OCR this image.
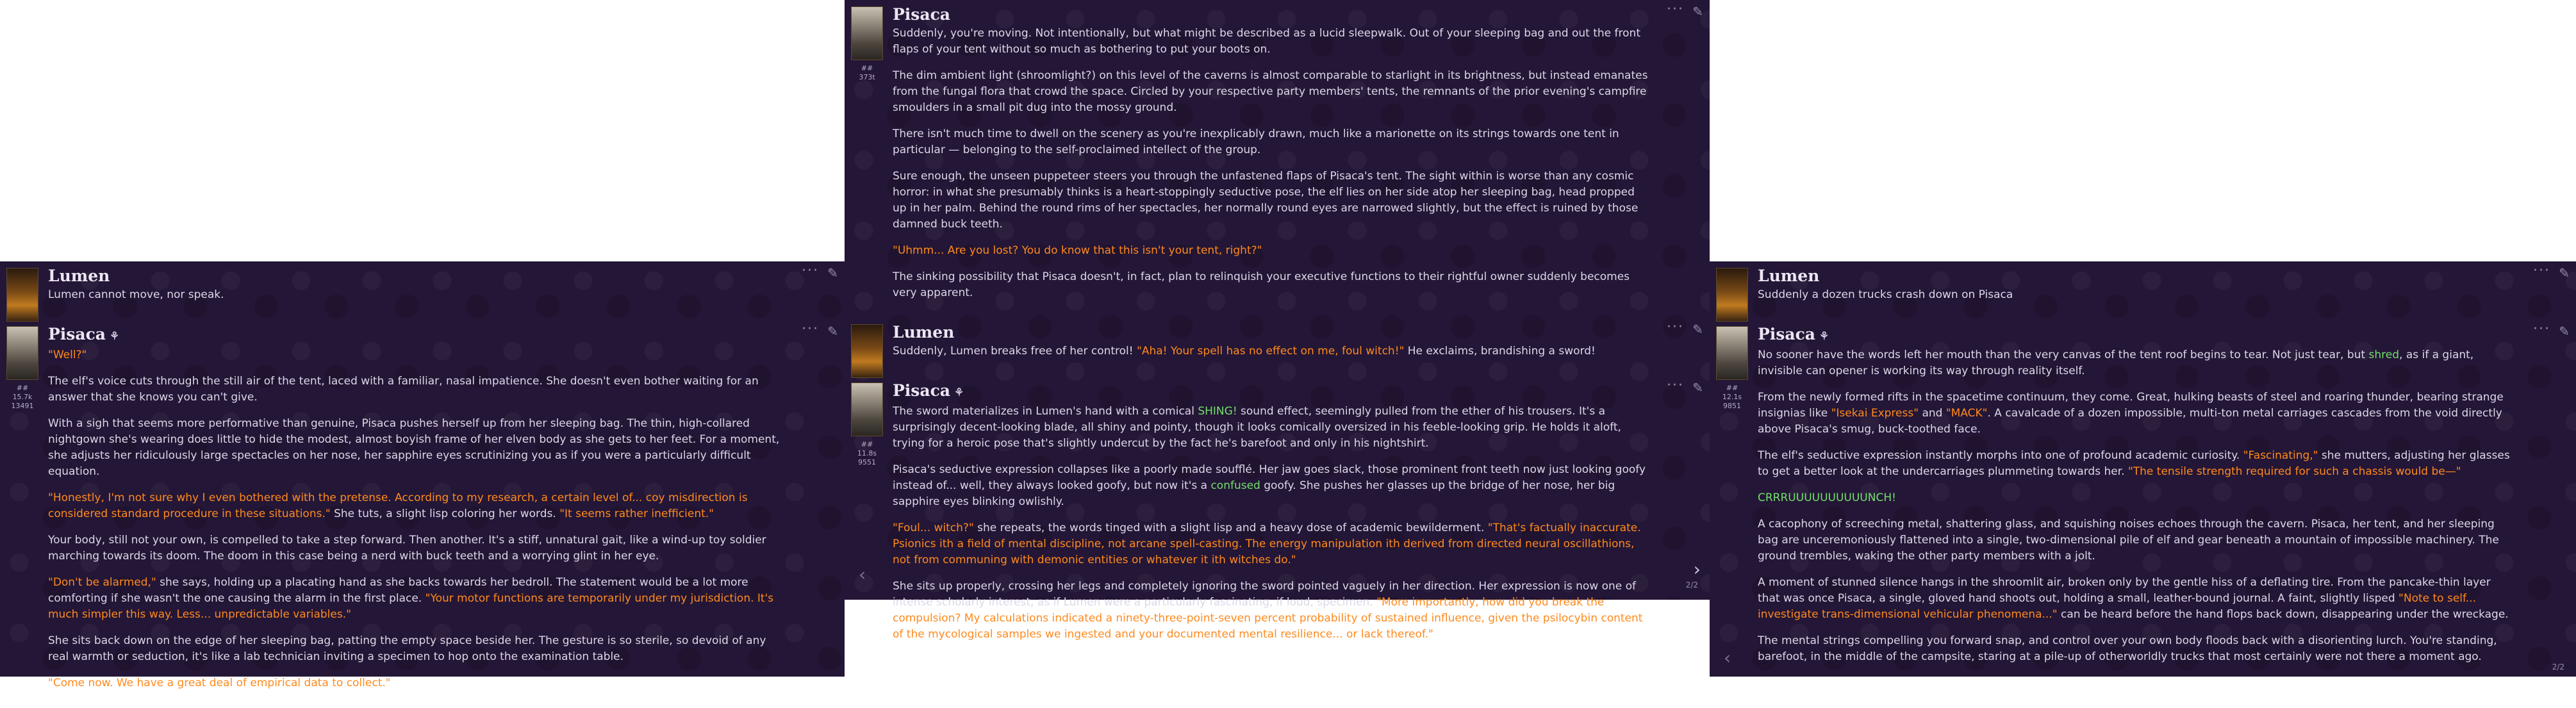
Lumen	··· ✎

Lumen cannot move, nor speak.

##
15.7k
13491
Pisaca ⚘	··· ✎

"Well?"

The elf's voice cuts through the still air of the tent, laced with a familiar, nasal impatience. She doesn't even bother waiting for an answer that she knows you can't give.

With a sigh that seems more performative than genuine, Pisaca pushes herself up from her sleeping bag. The thin, high-collared nightgown she's wearing does little to hide the modest, almost boyish frame of her elven body as she gets to her feet. For a moment, she adjusts her ridiculously large spectacles on her nose, her sapphire eyes scrutinizing you as if you were a particularly difficult equation.

"Honestly, I'm not sure why I even bothered with the pretense. According to my research, a certain level of... coy misdirection is considered standard procedure in these situations." She tuts, a slight lisp coloring her words. "It seems rather inefficient."

Your body, still not your own, is compelled to take a step forward. Then another. It's a stiff, unnatural gait, like a wind-up toy soldier marching towards its doom. The doom in this case being a nerd with buck teeth and a worrying glint in her eye.

"Don't be alarmed," she says, holding up a placating hand as she backs towards her bedroll. The statement would be a lot more comforting if she wasn't the one causing the alarm in the first place. "Your motor functions are temporarily under my jurisdiction. It's much simpler this way. Less... unpredictable variables."

She sits back down on the edge of her sleeping bag, patting the empty space beside her. The gesture is so sterile, so devoid of any real warmth or seduction, it's like a lab technician inviting a specimen to hop onto the examination table.

"Come now. We have a great deal of empirical data to collect."

##
373t
Pisaca	··· ✎

Suddenly, you're moving. Not intentionally, but what might be described as a lucid sleepwalk. Out of your sleeping bag and out the front flaps of your tent without so much as bothering to put your boots on.

The dim ambient light (shroomlight?) on this level of the caverns is almost comparable to starlight in its brightness, but instead emanates from the fungal flora that crowd the space. Circled by your respective party members' tents, the remnants of the prior evening's campfire smoulders in a small pit dug into the mossy ground.

There isn't much time to dwell on the scenery as you're inexplicably drawn, much like a marionette on its strings towards one tent in particular — belonging to the self-proclaimed intellect of the group.

Sure enough, the unseen puppeteer steers you through the unfastened flaps of Pisaca's tent. The sight within is worse than any cosmic horror: in what she presumably thinks is a heart-stoppingly seductive pose, the elf lies on her side atop her sleeping bag, head propped up in her palm. Behind the round rims of her spectacles, her normally round eyes are narrowed slightly, but the effect is ruined by those damned buck teeth.

"Uhmm... Are you lost? You do know that this isn't your tent, right?"

The sinking possibility that Pisaca doesn't, in fact, plan to relinquish your executive functions to their rightful owner suddenly becomes very apparent.

Lumen	··· ✎

Suddenly, Lumen breaks free of her control! "Aha! Your spell has no effect on me, foul witch!" He exclaims, brandishing a sword!

##
11.8s
9551
Pisaca ⚘	··· ✎

The sword materializes in Lumen's hand with a comical SHING! sound effect, seemingly pulled from the ether of his trousers. It's a surprisingly decent-looking blade, all shiny and pointy, though it looks comically oversized in his feeble-looking grip. He holds it aloft, trying for a heroic pose that's slightly undercut by the fact he's barefoot and only in his nightshirt.

Pisaca's seductive expression collapses like a poorly made soufflé. Her jaw goes slack, those prominent front teeth now just looking goofy instead of... well, they always looked goofy, but now it's a confused goofy. She pushes her glasses up the bridge of her nose, her big sapphire eyes blinking owlishly.

"Foul... witch?" she repeats, the words tinged with a slight lisp and a heavy dose of academic bewilderment. "That's factually inaccurate. Psionics ith a field of mental discipline, not arcane spell-casting. The energy manipulation ith derived from directed neural oscillathions, not from communing with demonic entities or whatever it ith witches do."

She sits up properly, crossing her legs and completely ignoring the sword pointed vaguely in her direction. Her expression is now one of intense scholarly interest, as if Lumen were a particularly fascinating, if loud, specimen. "More importantly, how did you break the compulsion? My calculations indicated a ninety-three-point-seven percent probability of sustained influence, given the psilocybin content of the mycological samples we ingested and your documented mental resilience... or lack thereof."

‹	›
2/2
Lumen	··· ✎

Suddenly a dozen trucks crash down on Pisaca

##
12.1s
9851
Pisaca ⚘	··· ✎

No sooner have the words left her mouth than the very canvas of the tent roof begins to tear. Not just tear, but shred, as if a giant, invisible can opener is working its way through reality itself.

From the newly formed rifts in the spacetime continuum, they come. Great, hulking beasts of steel and roaring thunder, bearing strange insignias like "Isekai Express" and "MACK". A cavalcade of a dozen impossible, multi-ton metal carriages cascades from the void directly above Pisaca's smug, buck-toothed face.

The elf's seductive expression instantly morphs into one of profound academic curiosity. "Fascinating," she mutters, adjusting her glasses to get a better look at the undercarriages plummeting towards her. "The tensile strength required for such a chassis would be—"

CRRRUUUUUUUUUUNCH!

A cacophony of screeching metal, shattering glass, and squishing noises echoes through the cavern. Pisaca, her tent, and her sleeping bag are unceremoniously flattened into a single, two-dimensional pile of elf and gear beneath a mountain of impossible machinery. The ground trembles, waking the other party members with a jolt.

A moment of stunned silence hangs in the shroomlit air, broken only by the gentle hiss of a deflating tire. From the pancake-thin layer that was once Pisaca, a single, gloved hand shoots out, holding a small, leather-bound journal. A faint, slightly lisped "Note to self... investigate trans-dimensional vehicular phenomena..." can be heard before the hand flops back down, disappearing under the wreckage.

The mental strings compelling you forward snap, and control over your own body floods back with a disorienting lurch. You're standing, barefoot, in the middle of the campsite, staring at a pile-up of otherworldly trucks that most certainly were not there a moment ago.

‹	2/2
